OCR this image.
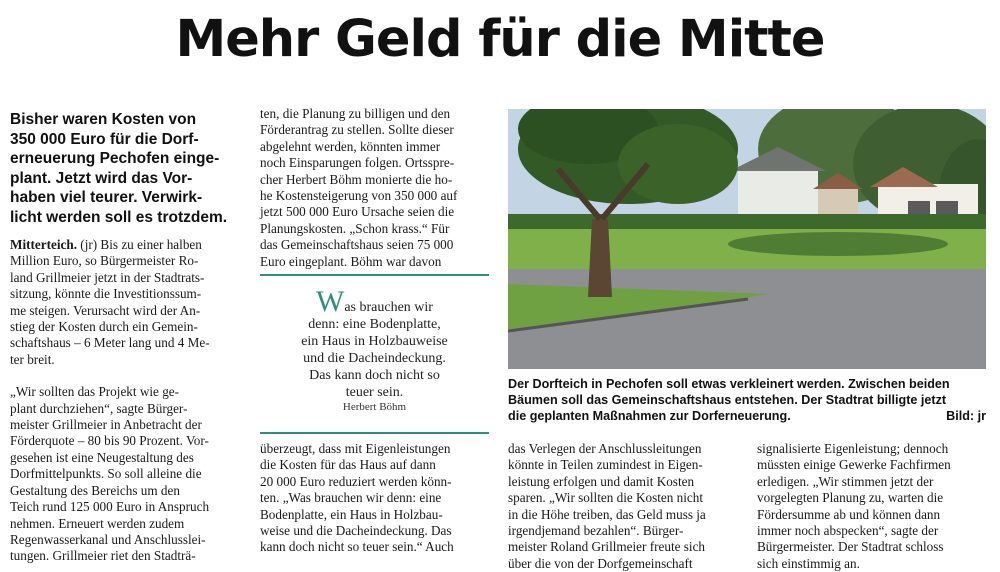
Mehr Geld für die Mitte

Bisher waren Kosten von

350 000 Euro für die Dorf-

erneuerung Pechofen einge-

plant. Jetzt wird das Vor-

haben viel teurer. Verwirk-

licht werden soll es trotzdem.

Mitterteich. (jr) Bis zu einer halben

Million Euro, so Bürgermeister Ro-

land Grillmeier jetzt in der Stadtrats-

sitzung, könnte die Investitionssum-

me steigen. Verursacht wird der An-

stieg der Kosten durch ein Gemein-

schaftshaus – 6 Meter lang und 4 Me-

ter breit.

„Wir sollten das Projekt wie ge-

plant durchziehen“, sagte Bürger-

meister Grillmeier in Anbetracht der

Förderquote – 80 bis 90 Prozent. Vor-

gesehen ist eine Neugestaltung des

Dorfmittelpunkts. So soll alleine die

Gestaltung des Bereichs um den

Teich rund 125 000 Euro in Anspruch

nehmen. Erneuert werden zudem

Regenwasserkanal und Anschlusslei-

tungen. Grillmeier riet den Stadträ-

ten, die Planung zu billigen und den

Förderantrag zu stellen. Sollte dieser

abgelehnt werden, könnten immer

noch Einsparungen folgen. Ortsspre-

cher Herbert Böhm monierte die ho-

he Kostensteigerung von 350 000 auf

jetzt 500 000 Euro Ursache seien die

Planungskosten. „Schon krass.“ Für

das Gemeinschaftshaus seien 75 000

Euro eingeplant. Böhm war davon

Was brauchen wir
denn: eine Bodenplatte,
ein Haus in Holzbauweise
und die Dacheindeckung.
Das kann doch nicht so
teuer sein.
Herbert Böhm

überzeugt, dass mit Eigenleistungen

die Kosten für das Haus auf dann

20 000 Euro reduziert werden könn-

ten. „Was brauchen wir denn: eine

Bodenplatte, ein Haus in Holzbau-

weise und die Dacheindeckung. Das

kann doch nicht so teuer sein.“ Auch

Der Dorfteich in Pechofen soll etwas verkleinert werden. Zwischen beiden

Bäumen soll das Gemeinschaftshaus entstehen. Der Stadtrat billigte jetzt

die geplanten Maßnahmen zur Dorferneuerung.	Bild: jr

das Verlegen der Anschlussleitungen

könnte in Teilen zumindest in Eigen-

leistung erfolgen und damit Kosten

sparen. „Wir sollten die Kosten nicht

in die Höhe treiben, das Geld muss ja

irgendjemand bezahlen“. Bürger-

meister Roland Grillmeier freute sich

über die von der Dorfgemeinschaft

signalisierte Eigenleistung; dennoch

müssten einige Gewerke Fachfirmen

erledigen. „Wir stimmen jetzt der

vorgelegten Planung zu, warten die

Fördersumme ab und können dann

immer noch abspecken“, sagte der

Bürgermeister. Der Stadtrat schloss

sich einstimmig an.
